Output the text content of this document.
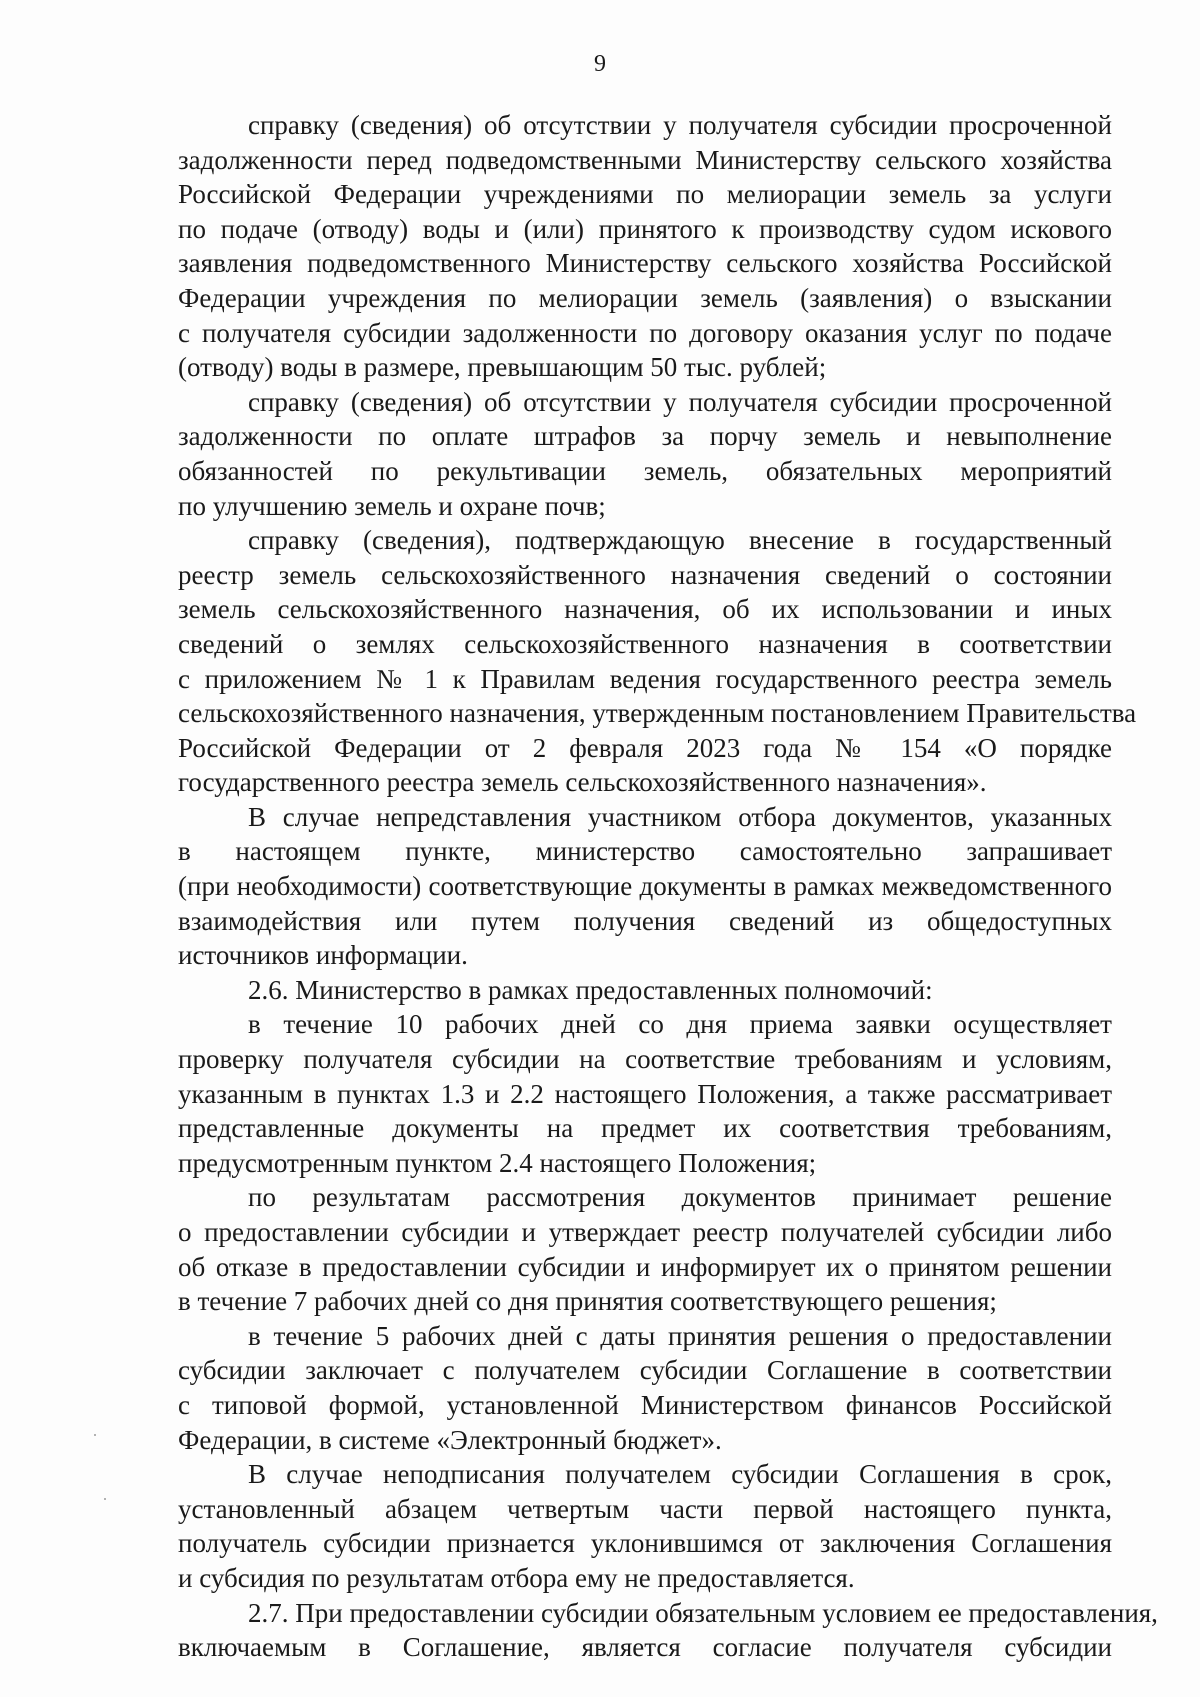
9
справку (сведения) об отсутствии у получателя субсидии просроченной
задолженности перед подведомственными Министерству сельского хозяйства
Российской Федерации учреждениями по мелиорации земель за услуги
по подаче (отводу) воды и (или) принятого к производству судом искового
заявления подведомственного Министерству сельского хозяйства Российской
Федерации учреждения по мелиорации земель (заявления) о взыскании
с получателя субсидии задолженности по договору оказания услуг по подаче
(отводу) воды в размере, превышающим 50 тыс. рублей;
справку (сведения) об отсутствии у получателя субсидии просроченной
задолженности по оплате штрафов за порчу земель и невыполнение
обязанностей по рекультивации земель, обязательных мероприятий
по улучшению земель и охране почв;
справку (сведения), подтверждающую внесение в государственный
реестр земель сельскохозяйственного назначения сведений о состоянии
земель сельскохозяйственного назначения, об их использовании и иных
сведений о землях сельскохозяйственного назначения в соответствии
с приложением № 1 к Правилам ведения государственного реестра земель
сельскохозяйственного назначения, утвержденным постановлением Правительства
Российской Федерации от 2 февраля 2023 года № 154 «О порядке
государственного реестра земель сельскохозяйственного назначения».
В случае непредставления участником отбора документов, указанных
в настоящем пункте, министерство самостоятельно запрашивает
(при необходимости) соответствующие документы в рамках межведомственного
взаимодействия или путем получения сведений из общедоступных
источников информации.
2.6. Министерство в рамках предоставленных полномочий:
в течение 10 рабочих дней со дня приема заявки осуществляет
проверку получателя субсидии на соответствие требованиям и условиям,
указанным в пунктах 1.3 и 2.2 настоящего Положения, а также рассматривает
представленные документы на предмет их соответствия требованиям,
предусмотренным пунктом 2.4 настоящего Положения;
по результатам рассмотрения документов принимает решение
о предоставлении субсидии и утверждает реестр получателей субсидии либо
об отказе в предоставлении субсидии и информирует их о принятом решении
в течение 7 рабочих дней со дня принятия соответствующего решения;
в течение 5 рабочих дней с даты принятия решения о предоставлении
субсидии заключает с получателем субсидии Соглашение в соответствии
с типовой формой, установленной Министерством финансов Российской
Федерации, в системе «Электронный бюджет».
В случае неподписания получателем субсидии Соглашения в срок,
установленный абзацем четвертым части первой настоящего пункта,
получатель субсидии признается уклонившимся от заключения Соглашения
и субсидия по результатам отбора ему не предоставляется.
2.7. При предоставлении субсидии обязательным условием ее предоставления,
включаемым в Соглашение, является согласие получателя субсидии
